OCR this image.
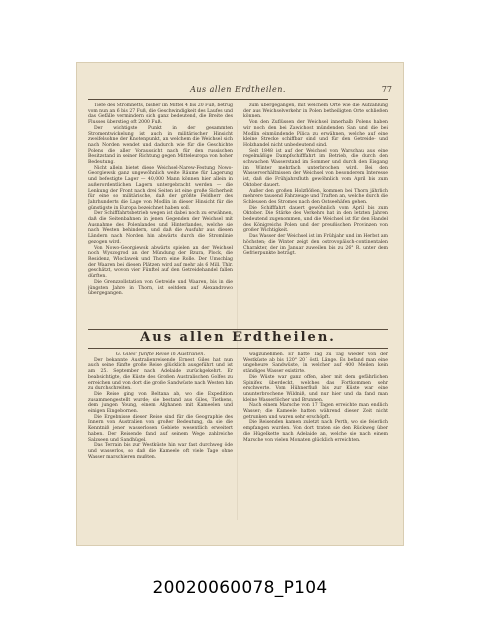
Aus allen Erdtheilen.	77

Tiefe des Stromnetts, bisher im Mittel 4 bis 20 Fuß, betrug vom nun an 6 bis 27 Fuß, die Geschwindigkeit des Laufes und das Gefälle vermindern sich ganz bedeutend, die Breite des Flusses überstieg oft 2000 Fuß.

Der wichtigste Punkt in der gesammten Stromentwickelung ist auch in militärischer Hinsicht zweifelsohne der Knotenpunkt, an welchem die Weichsel sich nach Norden wendet und dadurch wie für die Geschichte Polens die aller Voraussicht nach für den russischen Besitzstand in seiner Richtung gegen Mitteleuropa von hoher Bedeutung.

Nicht allein bietet diese Weichsel-Narew-Festung Nowo-Georgiewsk ganz ungewöhnlich weite Räume für Lagerung und befestigte Lager — 40,000 Mann können hier allein in außerordentlichen Lagern untergebracht werden — die Lenkung der Front nach drei Seiten ist eine große Sicherheit für eine so militärische, daß der größte Feldherr des Jahrhunderts die Lage von Modlin in dieser Hinsicht für die günstigste in Europa bezeichnet haben soll.

Der Schifffahrtsbetrieb wegen ist dabei noch zu erwähnen, daß die Seitenbahnen in jenen Gegenden der Weichsel mit Ausnahme des Polenlandes und Hinterlandes, welche sie nach Westen behindern, und daß die Ausfuhr aus diesen Ländern nach Norden hin abwärts durch die Stromlinie gezogen wird.

Von Nowo-Georgiewsk abwärts spielen an der Weichsel noch Wyszogrod an der Mündung der Bzura, Plock, die Residenz, Wloclawek und Thorn eine Rolle. Der Umschlag der Waaren bei diesen Plätzen wird auf mehr als 6 Mill. Thlr. geschätzt, wovon vier Fünftel auf den Getreidehandel fallen dürften.

Die Grenzzollstation von Getreide und Waaren, bis in die jüngsten Jahre in Thorn, ist seitdem auf Alexandrowo übergegangen.

zum übergegangen, mit welchem Orte wie die Aufzählung der aus Weichselverkehr in Polen betheiligten Orte schließen können.

Von den Zuflüssen der Weichsel innerhalb Polens haben wir noch den bei Zawichost mündenden San und die bei Modlin einmündende Pilica zu erwähnen, welche auf eine kleine Strecke schiffbar sind und für den Getreide- und Holzhandel nicht unbedeutend sind.

Seit 1848 ist auf der Weichsel von Warschau aus eine regelmäßige Dampfschifffahrt im Betrieb, die durch den schwachen Wasserstand im Sommer und durch den Eisgang im Winter mehrfach unterbrochen wird. Bei den Wasserverhältnissen der Weichsel von besonderem Interesse ist, daß die Frühjahrsfluth gewöhnlich vom April bis zum Oktober dauert.

Außer den großen Holzflößen, kommen bei Thorn jährlich mehrere tausend Fahrzeuge und Traften an, welche durch die Schleusen des Stromes nach den Ostseehäfen gehen.

Die Schifffahrt dauert gewöhnlich vom April bis zum Oktober. Die Stärke des Verkehrs hat in den letzten Jahren bedeutend zugenommen, und die Weichsel ist für den Handel des Königreichs Polen und der preußischen Provinzen von großer Wichtigkeit.

Das Wasser der Weichsel ist im Frühjahr und im Herbst am höchsten; die Winter zeigt den ostrovopäisch-continentalen Charakter, der im Januar zuweilen bis zu 26° R. unter dem Gefrierpunkte beträgt.

Aus allen Erdtheilen.

G. Giles’ fünfte Reise in Australien.

Der bekannte Australienreisende Ernest Giles hat nun auch seine fünfte große Reise glücklich ausgeführt und ist am 25. September nach Adelaide zurückgekehrt. Er beabsichtigte, die Küste des Großen Australischen Golfes zu erreichen und von dort die große Sandwüste nach Westen hin zu durchschreiten.

Die Reise ging von Beltana ab, wo die Expedition zusammengestellt wurde; sie bestand aus Giles, Tietkens, dem jungen Young, einem Afghanen mit Kameelen und einigen Eingebornen.

Die Ergebnisse dieser Reise sind für die Geographie des Innern von Australien von großer Bedeutung, da sie die Kenntniß jener wasserlosen Gebiete wesentlich erweitert haben. Der Reisende fand auf seinem Wege zahlreiche Salzseen und Sandhügel.

Das Terrain bis zur Westküste hin war fast durchweg öde und wasserlos, so daß die Kameele oft viele Tage ohne Wasser marschieren mußten.

wagzunehmen. Er hatte Tag zu Tag wieder von der Westküste ab bis 120° 20´ östl. Länge. Es befand man eine ungeheure Sandwüste, in welcher auf 400 Meilen kein ständiges Wasser existirte.

Die Wüste war ganz offen, aber mit dem gefährlichen Spinifex überdeckt, welches das Fortkommen sehr erschwerte. Vom Hühnerfluß bis zur Küste war eine ununterbrochene Wildniß, und nur hier und da fand man kleine Wasserlöcher und Brunnen.

Nach einem Marsche von 17 Tagen erreichte man endlich Wasser; die Kameele hatten während dieser Zeit nicht getrunken und waren sehr erschöpft.

Die Reisenden kamen zuletzt nach Perth, wo sie feierlich empfangen wurden. Von dort traten sie den Rückweg über die Hügelkette nach Adelaide an, welche sie nach einem Marsche von vielen Monaten glücklich erreichten.

20020060078_P104
